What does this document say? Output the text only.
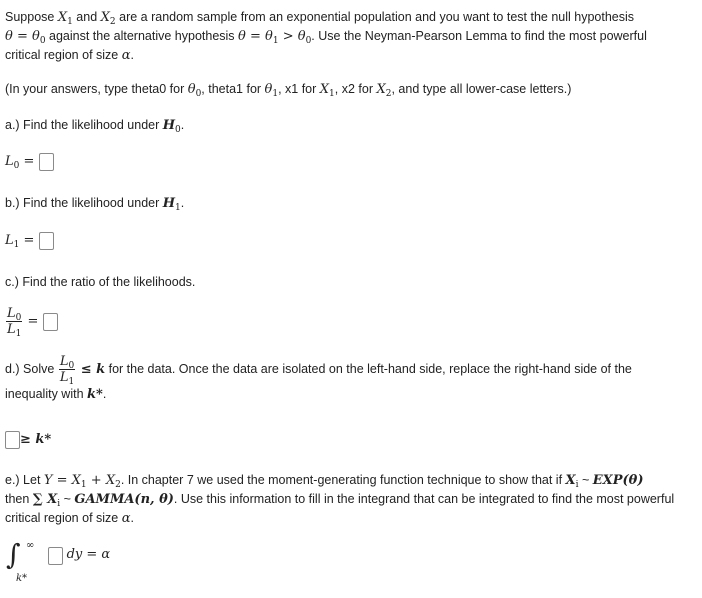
Suppose $X_1$ and $X_2$ are a random sample from an exponential population and you want to test the null hypothesis
$\theta = \theta_0$ against the alternative hypothesis $\theta = \theta_1 > \theta_0$. Use the Neyman-Pearson Lemma to find the most powerful
critical region of size α.
(In your answers, type theta0 for $\theta_0$, theta1 for $\theta_1$, x1 for $X_1$, x2 for $X_2$, and type all lower-case letters.)
a.) Find the likelihood under $H_0$.
$L_0$ =
b.) Find the likelihood under $H_1$.
$L_1$ =
c.) Find the ratio of the likelihoods.
$\frac{L_0}{L_1}$ =
d.) Solve $\frac{L_0}{L_1} \le k$ for the data. Once the data are isolated on the left-hand side, replace the right-hand side of the
inequality with k*.
≥ k*
e.) Let $Y = X_1 + X_2$. In chapter 7 we used the moment-generating function technique to show that if $X_i$ ~ EXP(θ)
then ∑ $X_i$ ~ GAMMA(n, θ). Use this information to fill in the integrand that can be integrated to find the most powerful
critical region of size α.
∫ ∞
k*
dy = α
